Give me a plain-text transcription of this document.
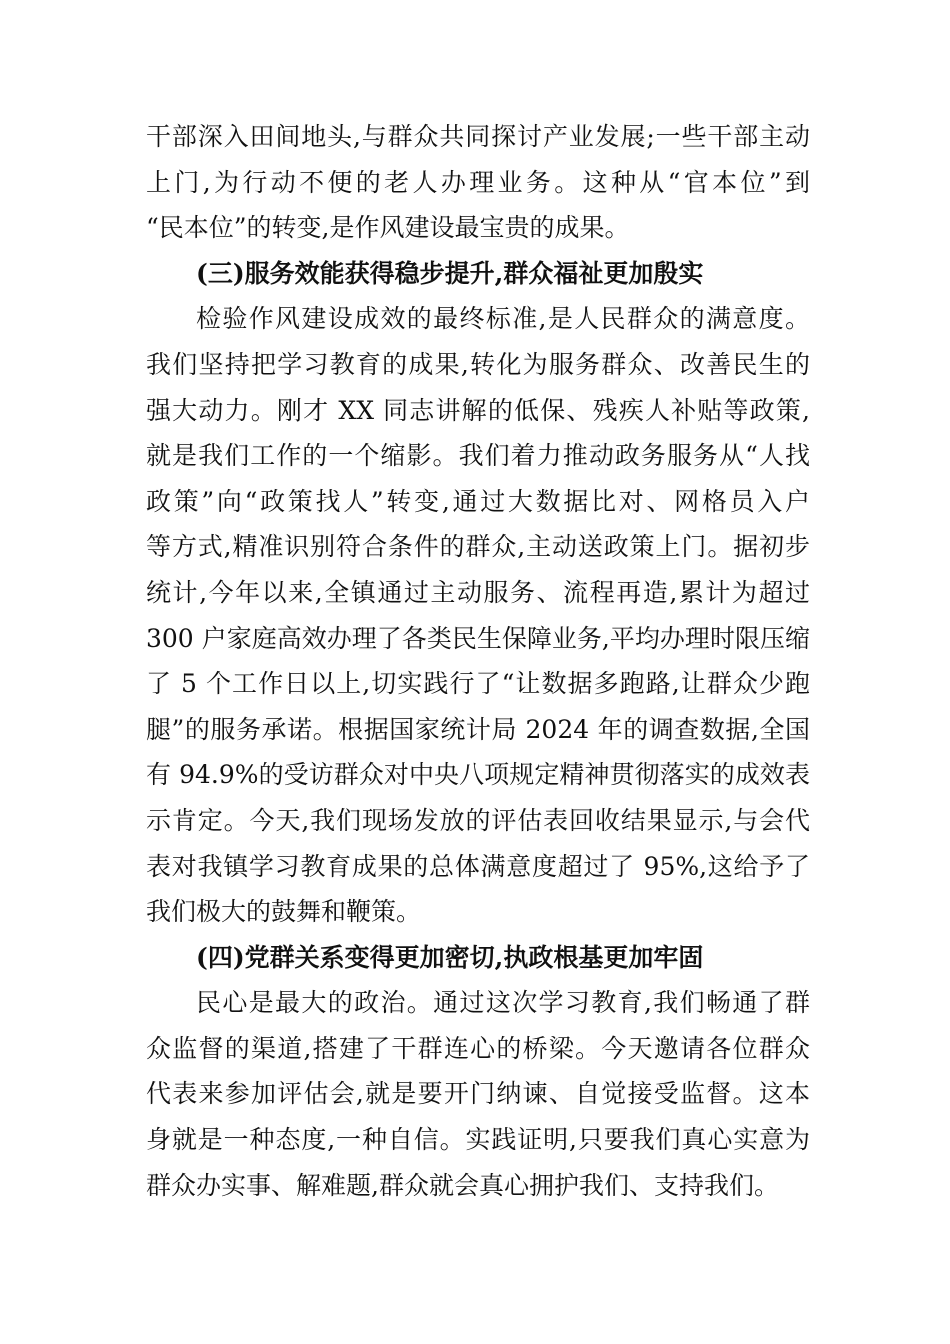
干部深入田间地头,与群众共同探讨产业发展;一些干部主动
上门,为行动不便的老人办理业务。这种从“官本位”到
“民本位”的转变,是作风建设最宝贵的成果。
(三)服务效能获得稳步提升,群众福祉更加殷实
检验作风建设成效的最终标准,是人民群众的满意度。
我们坚持把学习教育的成果,转化为服务群众、改善民生的
强大动力。刚才 XX 同志讲解的低保、残疾人补贴等政策,
就是我们工作的一个缩影。我们着力推动政务服务从“人找
政策”向“政策找人”转变,通过大数据比对、网格员入户
等方式,精准识别符合条件的群众,主动送政策上门。据初步
统计,今年以来,全镇通过主动服务、流程再造,累计为超过
300 户家庭高效办理了各类民生保障业务,平均办理时限压缩
了 5 个工作日以上,切实践行了“让数据多跑路,让群众少跑
腿”的服务承诺。根据国家统计局 2024 年的调查数据,全国
有 94.9%的受访群众对中央八项规定精神贯彻落实的成效表
示肯定。今天,我们现场发放的评估表回收结果显示,与会代
表对我镇学习教育成果的总体满意度超过了 95%,这给予了
我们极大的鼓舞和鞭策。
(四)党群关系变得更加密切,执政根基更加牢固
民心是最大的政治。通过这次学习教育,我们畅通了群
众监督的渠道,搭建了干群连心的桥梁。今天邀请各位群众
代表来参加评估会,就是要开门纳谏、自觉接受监督。这本
身就是一种态度,一种自信。实践证明,只要我们真心实意为
群众办实事、解难题,群众就会真心拥护我们、支持我们。
